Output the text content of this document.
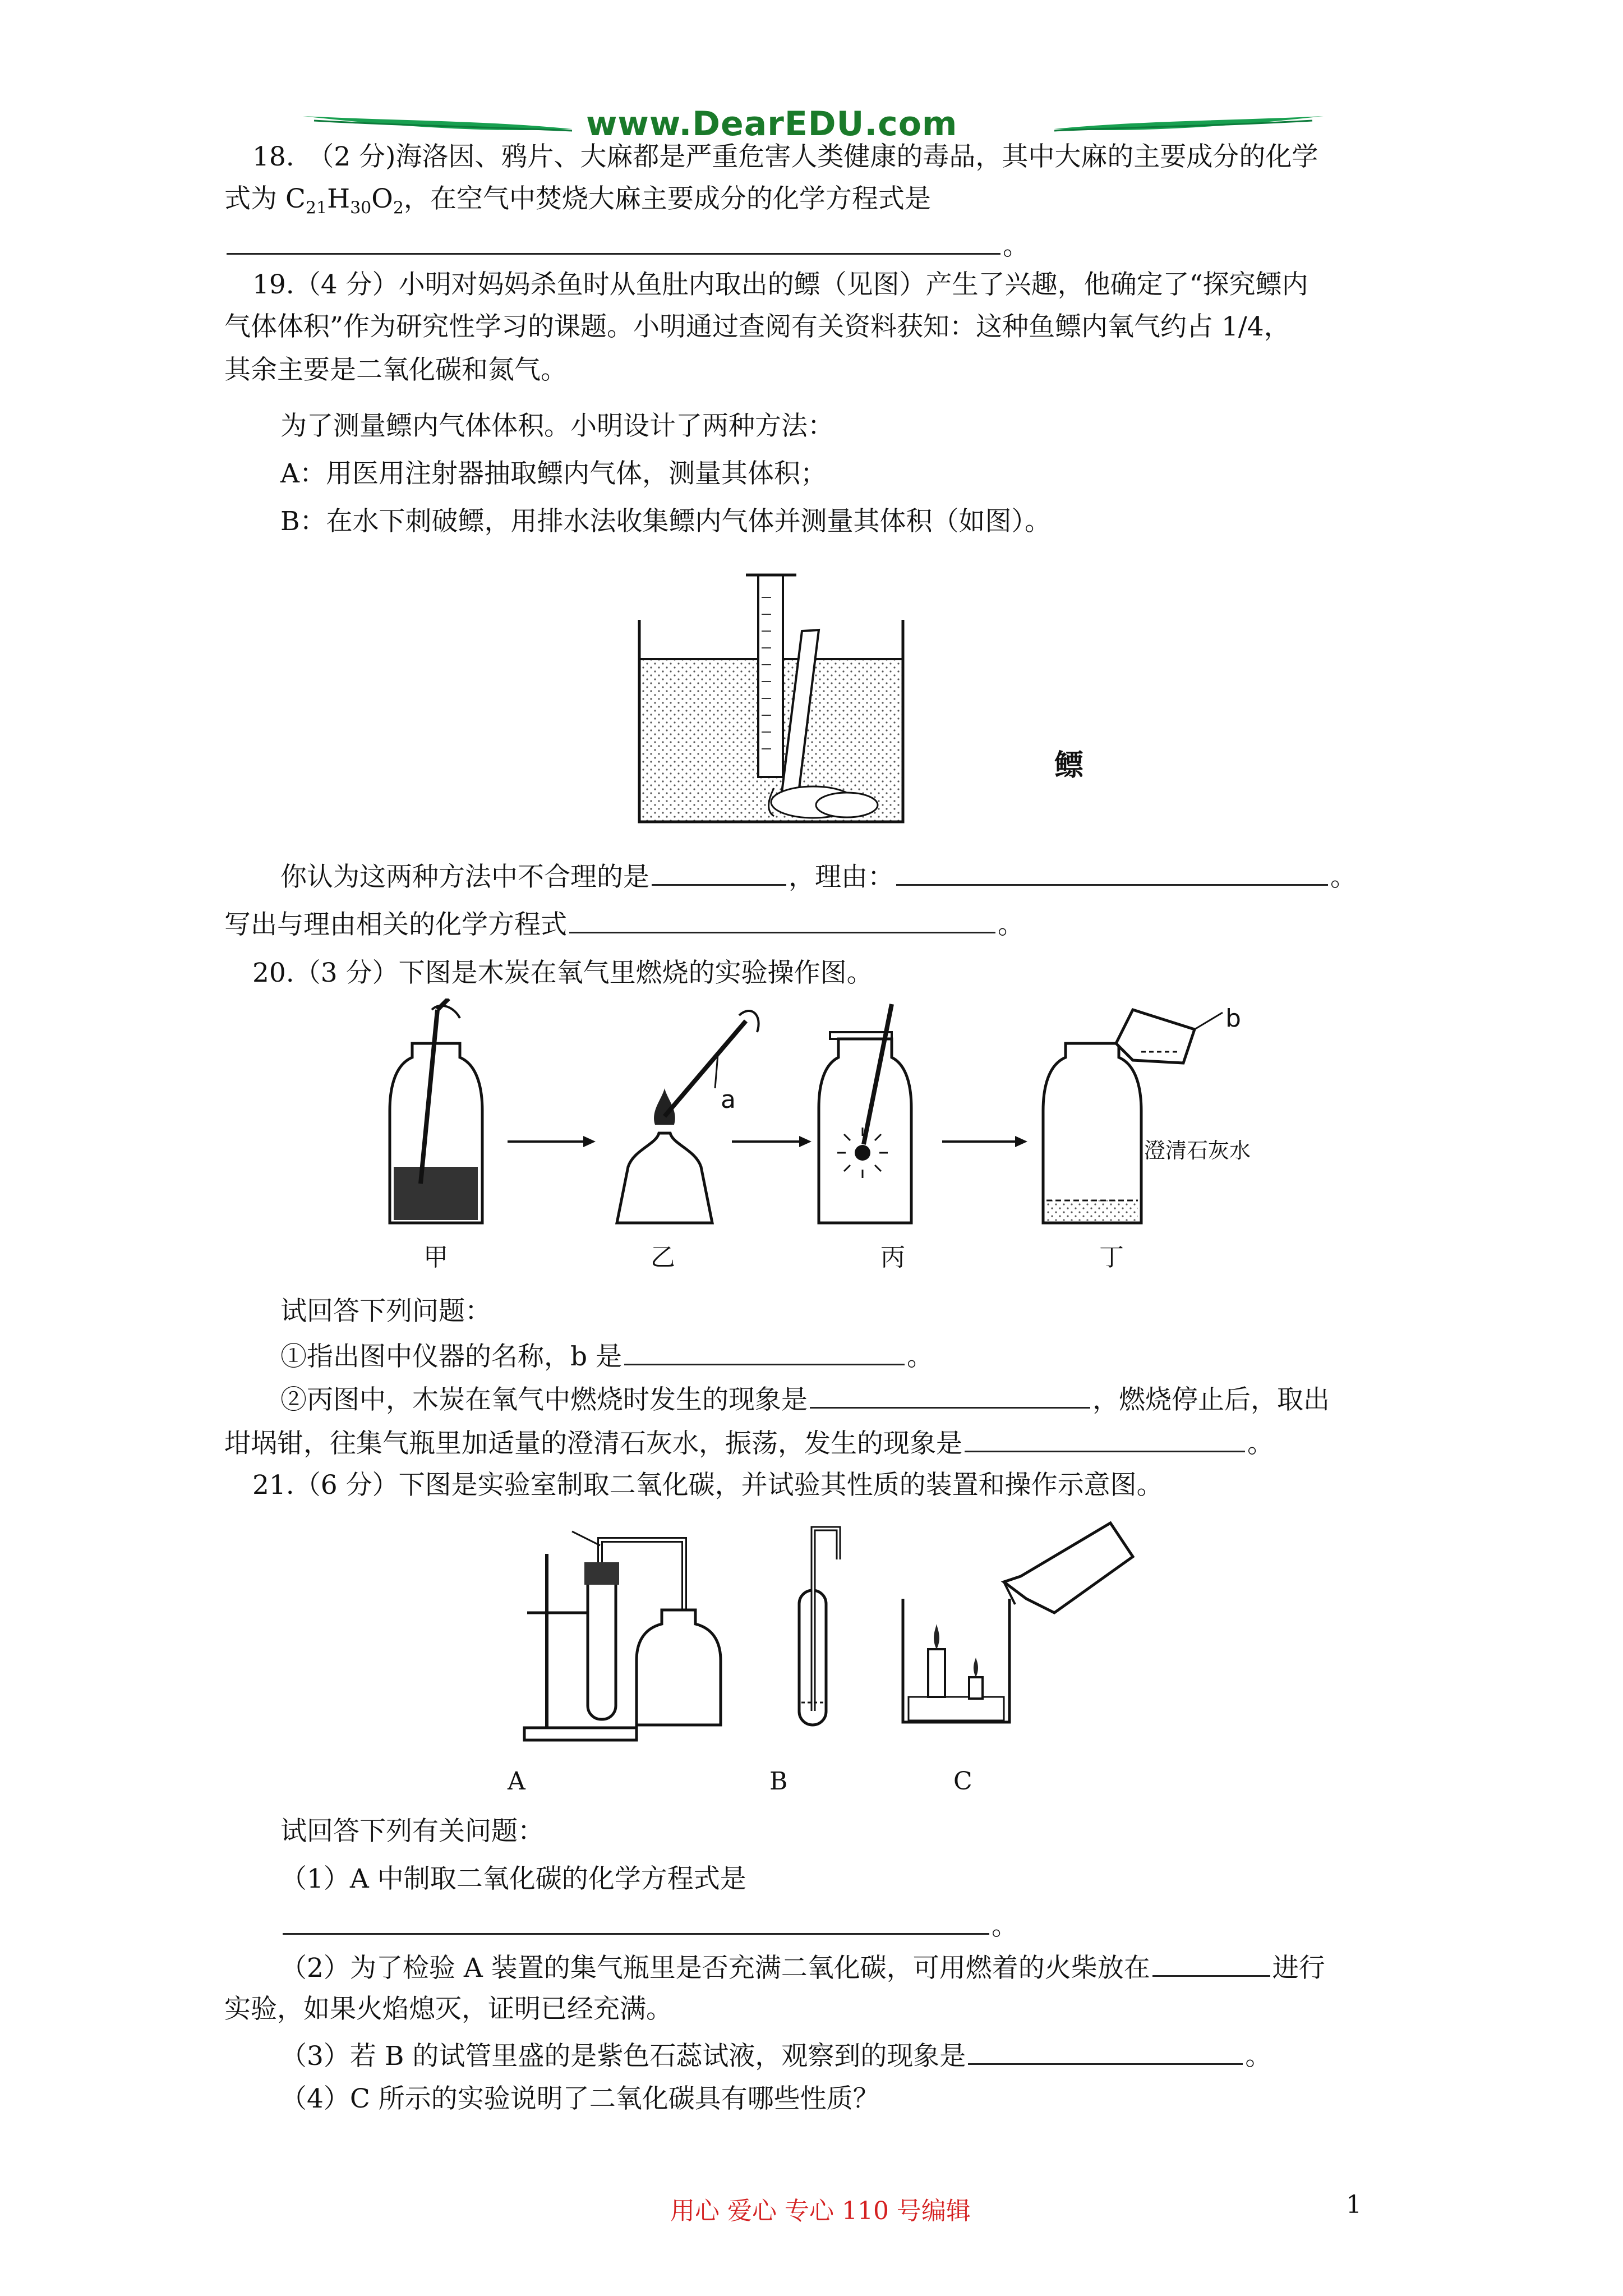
www.DearEDU.com
18.　（2 分)海洛因、鸦片、大麻都是严重危害人类健康的毒品，其中大麻的主要成分的化学
式为 $C_{21}H_{30}O_2$，在空气中焚烧大麻主要成分的化学方程式是
。
19.（4 分）小明对妈妈杀鱼时从鱼肚内取出的鳔（见图）产生了兴趣，他确定了“探究鳔内
气体体积”作为研究性学习的课题。小明通过查阅有关资料获知：这种鱼鳔内氧气约占 1/4，
其余主要是二氧化碳和氮气。
为了测量鳔内气体体积。小明设计了两种方法：
A：用医用注射器抽取鳔内气体，测量其体积；
B：在水下刺破鳔，用排水法收集鳔内气体并测量其体积（如图）。
鳔
你认为这两种方法中不合理的是	，理由：	。
写出与理由相关的化学方程式	。
20.（3 分）下图是木炭在氧气里燃烧的实验操作图。
a
b
澄清石灰水
甲	乙	丙	丁
试回答下列问题：
①指出图中仪器的名称，b 是	。
②丙图中，木炭在氧气中燃烧时发生的现象是	，燃烧停止后，取出
坩埚钳，往集气瓶里加适量的澄清石灰水，振荡，发生的现象是	。
21.（6 分）下图是实验室制取二氧化碳，并试验其性质的装置和操作示意图。
A	B	C
试回答下列有关问题：
（1）A 中制取二氧化碳的化学方程式是
。
（2）为了检验 A 装置的集气瓶里是否充满二氧化碳，可用燃着的火柴放在	进行
实验，如果火焰熄灭，证明已经充满。
（3）若 B 的试管里盛的是紫色石蕊试液，观察到的现象是	。
（4）C 所示的实验说明了二氧化碳具有哪些性质？
用心 爱心 专心 110 号编辑	1
